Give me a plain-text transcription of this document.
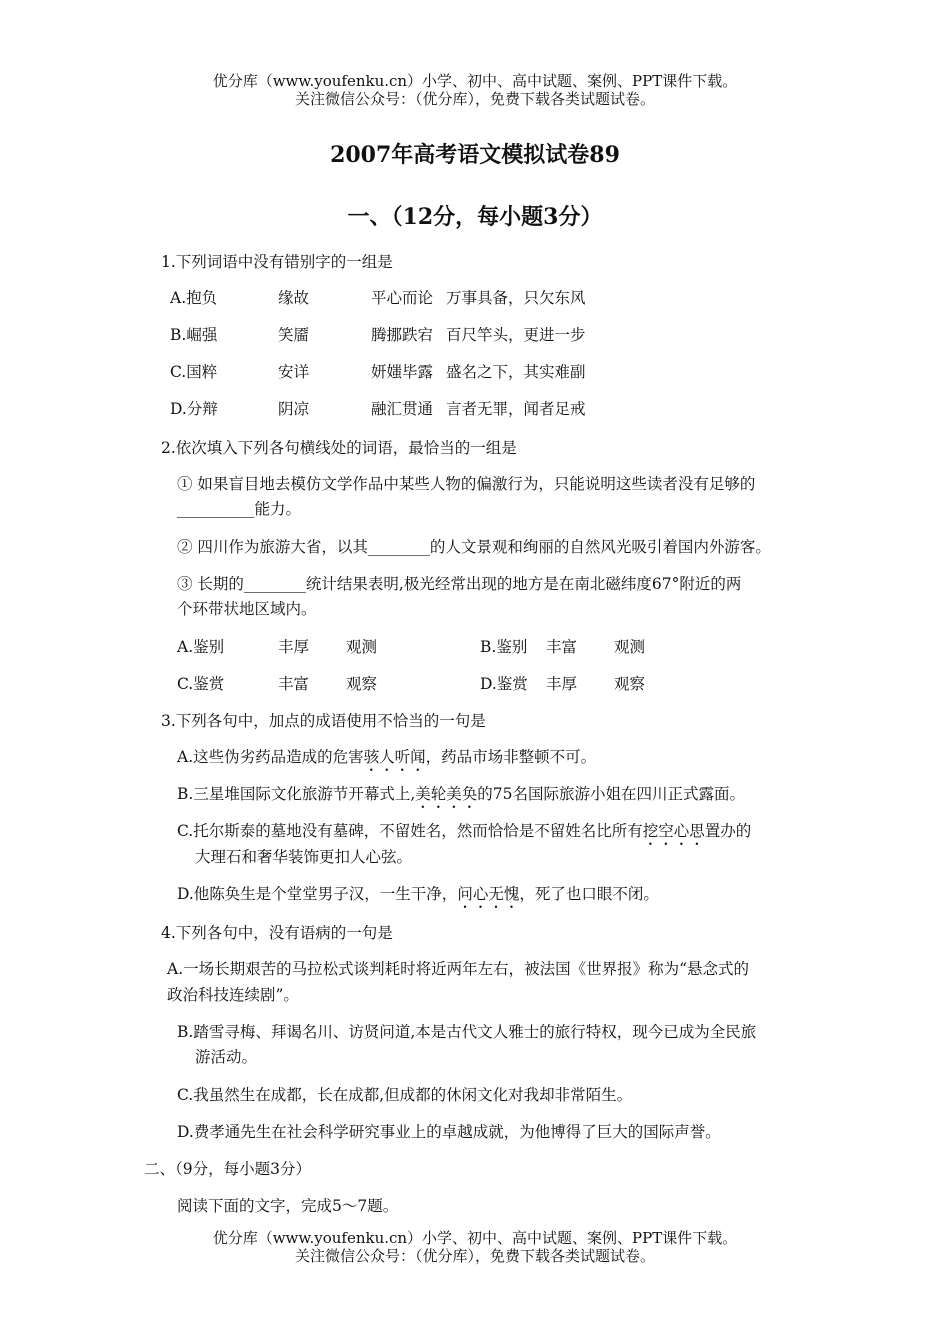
优分库（www.youfenku.cn）小学、初中、高中试题、案例、PPT课件下载。
关注微信公众号：（优分库），免费下载各类试题试卷。
2007年高考语文模拟试卷89
一、（12分，每小题3分）
1.下列词语中没有错别字的一组是
A.抱负	缘故	平心而论 万事具备，只欠东风
B.崛强	笑靥	腾挪跌宕 百尺竿头，更进一步
C.国粹	安详	妍媸毕露 盛名之下，其实难副
D.分辩	阴凉	融汇贯通 言者无罪，闻者足戒
2.依次填入下列各句横线处的词语，最恰当的一组是
① 如果盲目地去模仿文学作品中某些人物的偏激行为，只能说明这些读者没有足够的
__________能力。
② 四川作为旅游大省，以其________的人文景观和绚丽的自然风光吸引着国内外游客。
③ 长期的________统计结果表明,极光经常出现的地方是在南北磁纬度67°附近的两
个环带状地区域内。
A.鉴别	丰厚 观测	B.鉴别 丰富 观测
C.鉴赏	丰富 观察	D.鉴赏 丰厚 观察
3.下列各句中，加点的成语使用不恰当的一句是
A.这些伪劣药品造成的危害骇人听闻，药品市场非整顿不可。
B.三星堆国际文化旅游节开幕式上,美轮美奂的75名国际旅游小姐在四川正式露面。
C.托尔斯泰的墓地没有墓碑，不留姓名，然而恰恰是不留姓名比所有挖空心思置办的
大理石和奢华装饰更扣人心弦。
D.他陈奂生是个堂堂男子汉，一生干净，问心无愧，死了也口眼不闭。
4.下列各句中，没有语病的一句是
A.一场长期艰苦的马拉松式谈判耗时将近两年左右，被法国《世界报》称为“悬念式的
政治科技连续剧”。
B.踏雪寻梅、拜谒名川、访贤问道,本是古代文人雅士的旅行特权，现今已成为全民旅
游活动。
C.我虽然生在成都，长在成都,但成都的休闲文化对我却非常陌生。
D.费孝通先生在社会科学研究事业上的卓越成就，为他博得了巨大的国际声誉。
二、（9分，每小题3分）
阅读下面的文字，完成5～7题。
优分库（www.youfenku.cn）小学、初中、高中试题、案例、PPT课件下载。
关注微信公众号：（优分库），免费下载各类试题试卷。
